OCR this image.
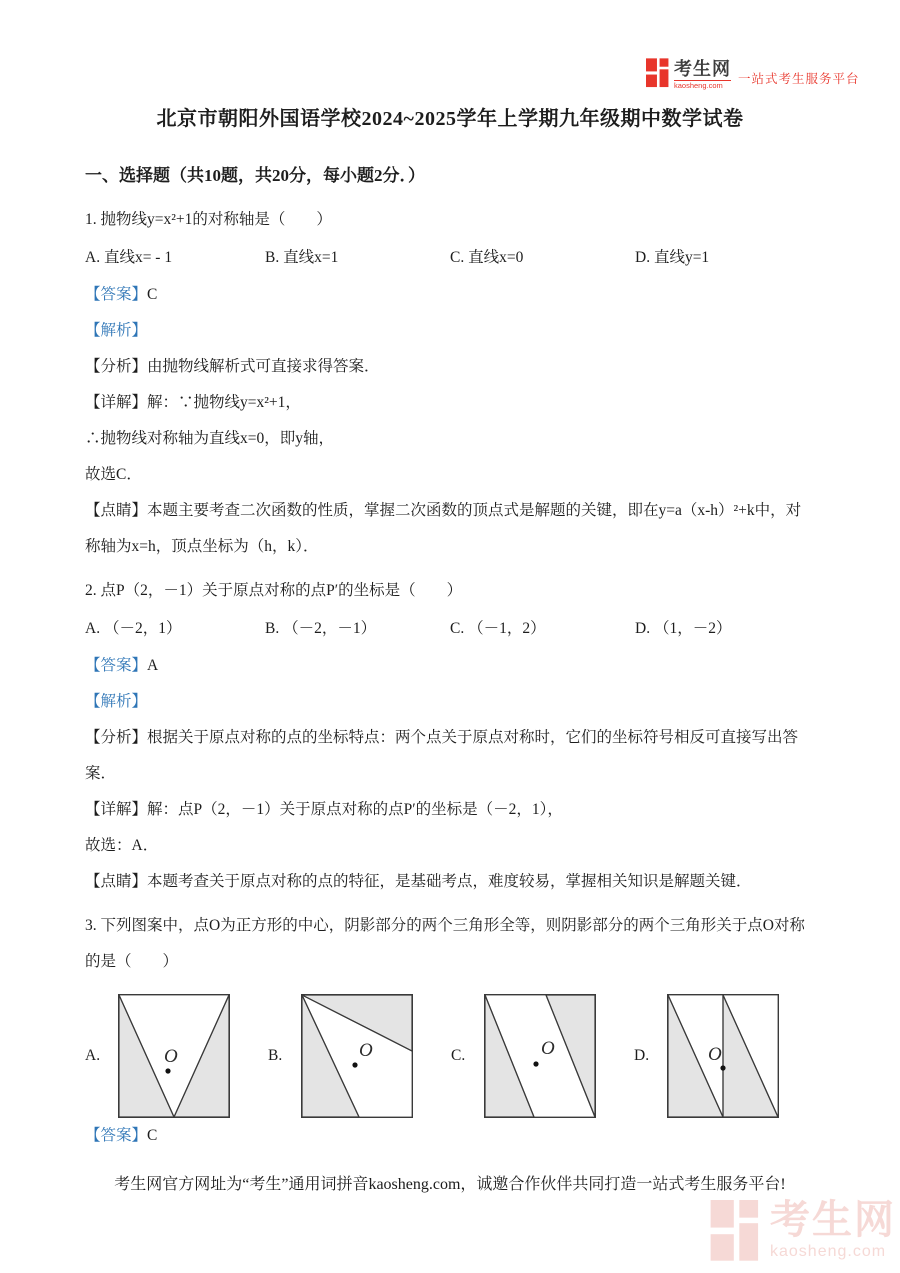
考生网
kaosheng.com	一站式考生服务平台
北京市朝阳外国语学校2024~2025学年上学期九年级期中数学试卷
一、选择题（共10题，共20分，每小题2分．）

1. 抛物线y=x²+1的对称轴是（　　）

A. 直线x= - 1	B. 直线x=1	C. 直线x=0	D. 直线y=1

【答案】C

【解析】

【分析】由抛物线解析式可直接求得答案．

【详解】解：∵抛物线y=x²+1，

∴抛物线对称轴为直线x=0，即y轴，

故选C．

【点睛】本题主要考查二次函数的性质，掌握二次函数的顶点式是解题的关键，即在y=a（x-h）²+k中，对称轴为x=h，顶点坐标为（h，k）．

2. 点P（2，－1）关于原点对称的点P′的坐标是（　　）

A. （－2，1）	B. （－2，－1）	C. （－1，2）	D. （1，－2）

【答案】A

【解析】

【分析】根据关于原点对称的点的坐标特点：两个点关于原点对称时，它们的坐标符号相反可直接写出答案．

【详解】解：点P（2，－1）关于原点对称的点P′的坐标是（－2，1），

故选：A．

【点睛】本题考查关于原点对称的点的特征，是基础考点，难度较易，掌握相关知识是解题关键．

3. 下列图案中，点O为正方形的中心，阴影部分的两个三角形全等，则阴影部分的两个三角形关于点O对称的是（　　）

A.	O	B.	O	C.	O	D.	O

【答案】C

考生网官方网址为“考生”通用词拼音kaosheng.com，诚邀合作伙伴共同打造一站式考生服务平台!
考生网
kaosheng.com
